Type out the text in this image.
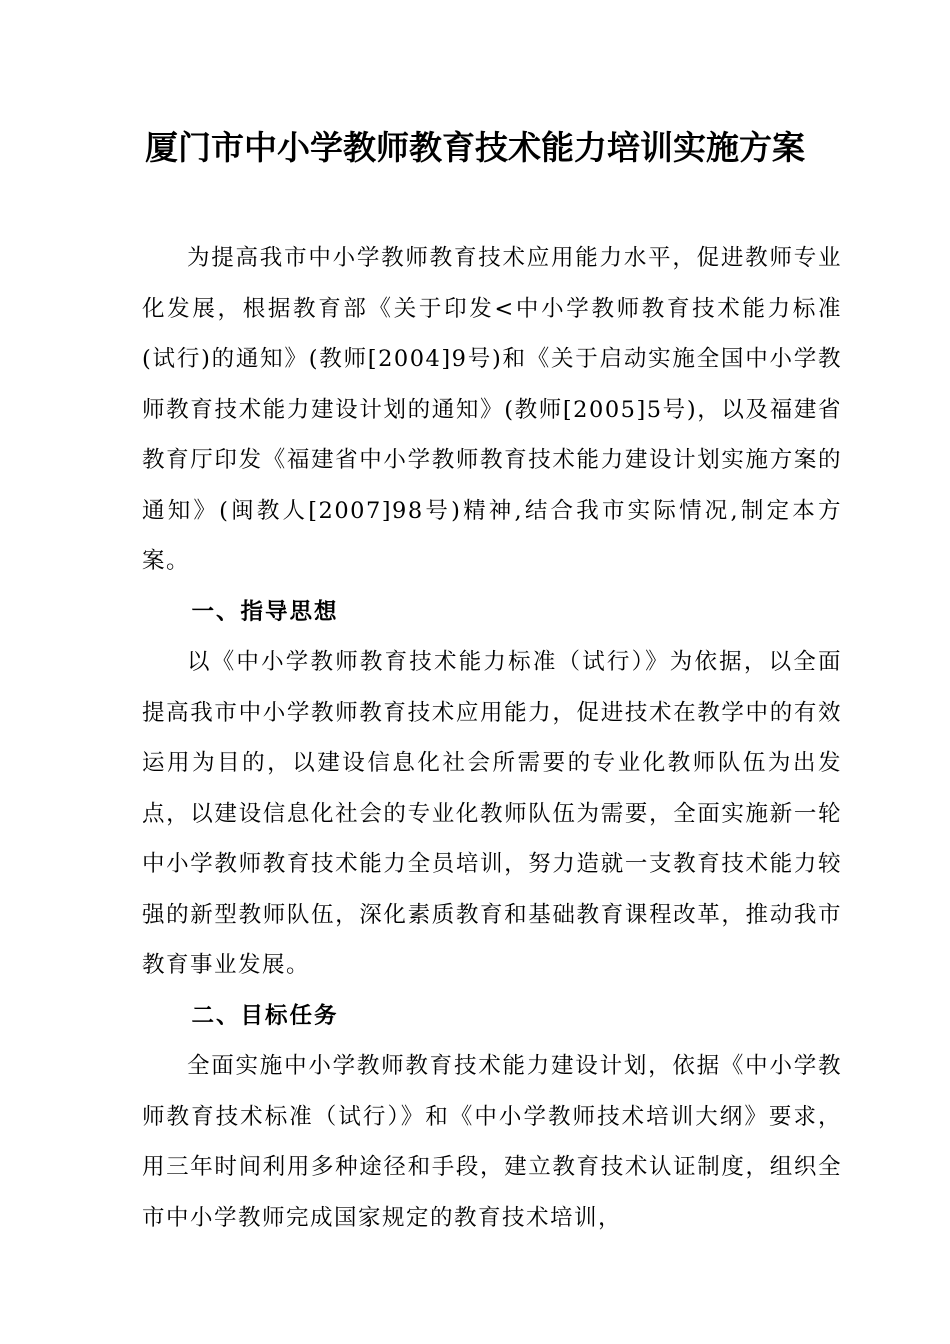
厦门市中小学教师教育技术能力培训实施方案

为提高我市中小学教师教育技术应用能力水平，促进教师专业化发展，根据教育部《关于印发<中小学教师教育技术能力标准(试行)的通知》(教师[2004]9号)和《关于启动实施全国中小学教师教育技术能力建设计划的通知》(教师[2005]5号)，以及福建省教育厅印发《福建省中小学教师教育技术能力建设计划实施方案的通知》(闽教人[2007]98号)精神,结合我市实际情况,制定本方案。

一、指导思想

以《中小学教师教育技术能力标准（试行）》为依据，以全面提高我市中小学教师教育技术应用能力，促进技术在教学中的有效运用为目的，以建设信息化社会所需要的专业化教师队伍为出发点，以建设信息化社会的专业化教师队伍为需要，全面实施新一轮中小学教师教育技术能力全员培训，努力造就一支教育技术能力较强的新型教师队伍，深化素质教育和基础教育课程改革，推动我市教育事业发展。

二、目标任务

全面实施中小学教师教育技术能力建设计划，依据《中小学教师教育技术标准（试行）》和《中小学教师技术培训大纲》要求，用三年时间利用多种途径和手段，建立教育技术认证制度，组织全市中小学教师完成国家规定的教育技术培训，
